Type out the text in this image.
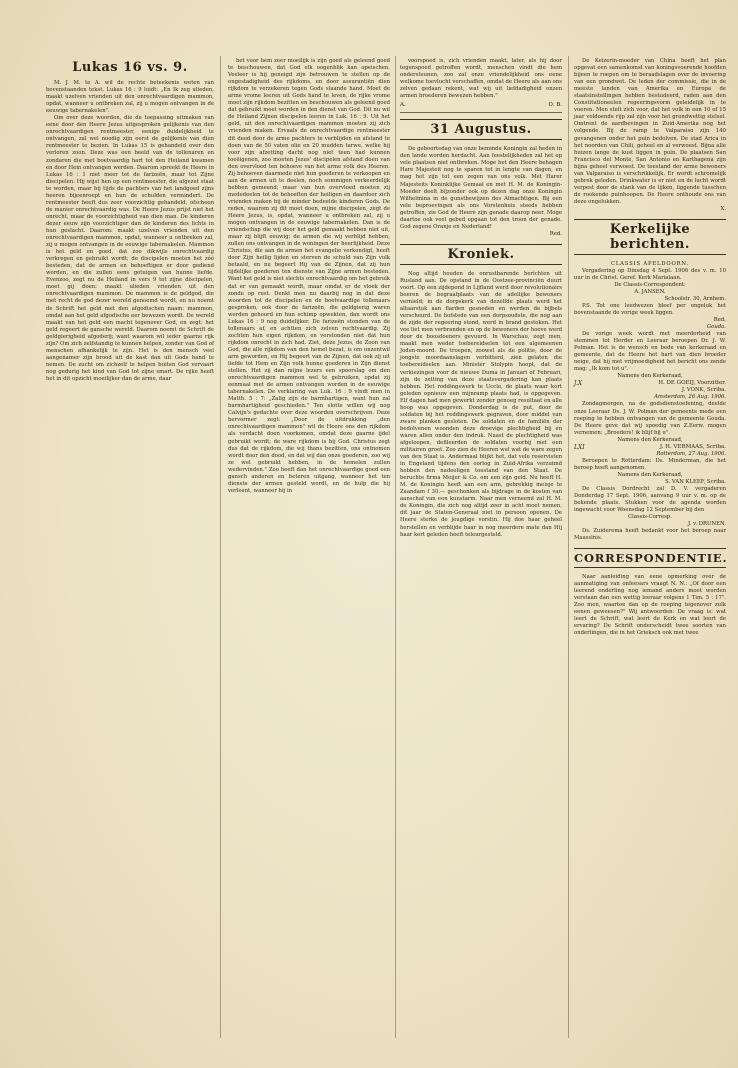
Lukas 16 vs. 9.

M. J. M. te A. wil de rechte beteekenis weten van bovenstaanden tekst. Lukas 16 : 9 luidt: „En Ik zeg ulieden, maakt uzelven vrienden uit den onrechtvaardigen mammon, opdat, wanneer u ontbreken zal, zij u mogen ontvangen in de eeuwige tabernakelen".

Om over deze woorden, die de toepassing uitmaken van eene door den Heere Jezus uitgesproken gelijkenis van den onrechtvaardigen rentmeester, eenige duidelijkheid te ontvangen, zal wel noodig zijn eerst de gelijkenis van dien rentmeester te bezien. In Lukas 15 is gehandeld over den verloren zoon. Deze was een beeld van de tollenaren en zondaren die met boetvaardig hart tot den Heiland kwamen en door Hem ontvangen werden. Daarom spreekt de Heere in Lukas 16 : 1 niet meer tot de farizeën, maar tot Zijne discipelen. Hij wijst hen op een rentmeester, die afgezet staat te worden, maar bij tijds de pachters van het landgoed zijns heeren bijeenroept en hun de schulden vermindert. De rentmeester heeft dus zeer voorzichtig gehandeld, ofschoon de manier onrechtvaardig was. De Heere Jezus prijst niet het onrecht, maar de voorzichtigheid van dien man. De kinderen dezer eeuw zijn voorzichtiger dan de kinderen des lichts in hun geslacht. Daarom: maakt uzelven vrienden uit den onrechtvaardigen mammon, opdat, wanneer u ontbreken zal, zij u mogen ontvangen in de eeuwige tabernakelen. Mammon is het geld en goed, dat zoo dikwijls onrechtvaardig verkregen en gebruikt wordt; de discipelen moeten het zóó besteden, dat de armen en behoeftigen er door gediend worden, en die zullen eens getuigen van hunne liefde. Evenzoo, zegt nu de Heiland in vers 9 tot zijne discipelen, moet gij doen: maakt ulieden vrienden uit den onrechtvaardigen mammon. De mammon is de geldgod, die met recht de god dezer wereld genoemd wordt, en nu noemt de Schrift het geld met den afgodischen naam: mammon, omdat aan het geld afgodische eer bewezen wordt. De wereld maakt van het geld een macht tegenover God, en zegt: het geld regeert de gansche wereld. Daarom noemt de Schrift de geldgierigheid afgoderij; want waarom wil ieder gaarne rijk zijn? Om zich zelfstandig te kunnen helpen, zonder van God of menschen afhankelijk te zijn. Het is den mensch veel aangenamer zijn brood uit de kast dan uit Gods hand te nemen. De zucht om zichzelf te helpen buiten God vervaart nog gedurig het kind van God tot zijne smart. De rijke heeft het in dit opzicht moeilijker dan de arme, daar

het voor hem zeer moeilijk is zijn goed als geleend goed te beschouwen, dat God elk oogenblik kan opeischen. Veeleer is hij geneigd zijn betrouwen te stellen op de ongestadigheid des rijkdoms, en door assurantiën dien rijkdom te verzekeren tegen Gods slaande hand. Moet de arme vrome leeren uit Gods hand te leven, de rijke vrome moet zijn rijkdom bezitten en beschouwen als geleend goed dat gebruikt moet worden in den dienst van God. Dit nu wil de Heiland Zijnen discipelen leeren in Luk. 16 : 9. Uit het geld, uit den onrechtvaardigen mammon moeten zij zich vrienden maken. Ervaals de onrechtvaardige rentmeester dit deed door de arme pachters te verblijden en afstand te doen van de 50 vaten olie en 20 mudden tarwe, welke hij voor zijn afzetting dacht nog niet teen had kunnen toeëigenen, zoo moeten Jezus' discipelen afstand doen van den overvloed ten behoeve van het arme volk des Heeren. Zij behoeven daarmede niet hun goederen te verkoopen en aan de armen uit te deelen, noch sommigen verkeerdelijk hebben gemeend; maar van hun overvloed moeten zij mededeelen tot de behoeften der heiligen en daardoor zich vrienden maken bij de minder bedeelde kinderen Gods. De reden, waarom zij dit moet doen, mijne discipelen, zegt de Heere Jezus, is, opdat, wanneer u ontbreken zal, zij u mogen ontvangen in de eeuwige tabernakelen. Dan is de vriendschap die wij door het geld gemaakt hebben niet uit, maar zij blijft eeuwig; de armen die wij verblijd hebben, zullen ons ontvangen in de woningen der heerlijkheid. Deze Christus, die aan de armen het evangelie verkondigt, heeft door Zijn heilig lijden en sterven de schuld van Zijn volk betaald, en nu begeert Hij van de Zijnen, dat zij hun tijdelijke goederen ten dienste van Zijne armen besteden. Want het geld is niet slechts onrechtvaardig om het gebruik dat er van gemaakt wordt, maar omdat er de vloek der zonde op rust. Denkt men nu daarbij nog in dat deze woorden tot de discipelen en de boetvaardige tollenaars gesproken, ook door de farizeën, die geldgierig waren werden gehoord en hun schimp opwekten, dan wordt ons Lukas 16 : 9 nog duidelijker. De farizeën stonden van de tollenaars af, en achtten zich zelven rechtvaardig. Zij zochten hun eigen rijkdom, en verstonden niet dat hun rijkdom onrecht in zich had. Ziet, deze Jezus, de Zoon van God, die alle rijkdom van den hemel bezat, is om onzentwil arm geworden, en Hij begeert van de Zijnen, dat ook zij uit liefde tot Hem en Zijn volk hunne goederen in Zijn dienst stellen. Het zij dan mijne lezers een spoorslag om den onrechtvaardigen mammon wel te gebruiken, opdat zij eenmaal met de armen ontvangen worden in de eeuwige tabernakelen. De verklaring van Luk. 16 : 9 vindt men in Matth. 5 : 7: „Zalig zijn de barmhartigen, want hun zal barmhartigheid geschieden." Ten slotte willen wij nog Calvijn's gedachte over deze woorden overschrijven. Deze hervormer zegt: „Door de uitdrukking „den onrechtvaardigen mammon" wil de Heere ons den rijkdom als verdacht doen voorkomen, omdat deze gaarne ijdel gebruikt wordt; de ware rijkdom is bij God. Christus zegt dus dat de rijkdom, die wij thans bezitten, ons ontnomen wordt door den dood, en dat wij dan onze goederen, zoo wij ze wel gebruikt hebben, in de hemelen zullen wedervinden." Zoo heeft dan het onrechtvaardige goed een gansch anderen en beteren uitgang, wanneer het ten dienste der armen gesteld wordt, en de hulp die hij verleent, wanneer hij in

voorspoed is, zich vrienden maakt, later, als hij door tegenspoed getroffen wordt, menschen vindt die hem ondersteunen, zoo zal onze vriendelijkheid ons eene welkome toevlucht verschaffen, omdat de Heere als aan ons zelven gedaan rekent, wat wij uit liefdadigheid onzen armen broederen bewezen hebben."

A.	D. B.
31 Augustus.

De geboortedag van onze beminde Koningin zal heden in den lande worden herdacht. Aan feestelijkheden zal het op vele plaatsen niet ontbreken. Moge het den Heere behagen Hare Majesteit nog te sparen tot in lengte van dagen, en mag het zijn tot een zegen van ons volk. Met Harer Majesteits Koninklijke Gemaal en met H. M. de Koningin-Moeder deelt bijzonder ook op dezen dag onze Koningin Wilhelmina in de gunstbewijzen des Almachtigen. Bij een vele beproevingen als ons Vorstenhuis steeds hebben getroffen, zie God de Heere zijn genade daarop neer. Moge daartoe ook veel gebed opgaan tot den troon der genade. God zegene Oranje en Nederland!

Red.
Kroniek.

Nog altijd houden de onrustbarende berichten uit Rusland aan. De opstand in de Oostzee-provinciën duurt voort. Op een zijdepond in Lijfland werd door revolutionairs boeren de begraafplaats van de adellijke bewoners vernield; in de dorpskerk van dezelfde plaats werd het altaarstuk aan flarden gesneden en werden de bijbels verscheurd. De hofstede van een dorpsoudste, die nog aan de zijde der regeering stond, werd in brand gestoken. Het vee liet men verbranden en op de bewoners der hoeve werd door de boosdoeners gevuurd. In Warschau, zegt men, maakt men weder toebereidselen tot een algemeenen Joden-moord. De troepen, zoowel als de politie, door de jongste moordaanslagen verbitterd, zien gelaten die toebereidselen aan. Minister Stolypin hoopt, dat de verkiezingen voor de nieuwe Duma in Januari of Februari, zijn de zetting van deze staatsvergadering kan plaats hebben. Het roddingswerk te Uccle, de plaats waar kort geleden opnieuw een mijnramp plaats had, is opgegeven. Elf dagen had men gewerkt zonder genoeg resultaat en alle hoop was opgegeven. Donderdag is de put, door de soldaten bij het reddingswerk gegraven, door middel van zware planken gesloten. De soldaten en de familiën der bedolvenen woonden deze droevige plechtigheid bij en waren allen onder den indruk. Naast de plechtigheid was afgeloopen, defileerden de soldaten voorbij met een militairen groet. Zoo zien de Heeren wel wat de ware zegen van den Staat is. Andermaal blijkt het, dat vele reservisten in Engeland tijdens den oorlog in Zuid-Afrika verzuimd hebben den nadeeligen toestand van den Staat. De beruchte firma Meijer & Co. om een zijn geld. Nu heeft H. M. de Koningin heeft aan een arm, gebrekkig meisje te Zaandam f 30.— geschonken als bijdrage in de kosten van aanschaf van een kunstarm. Naar men verneemt zal H. M. de Koningin, die zich nog altijd zeer in acht moet nemen, dit jaar de Staten-Generaal niet in persoon openen. De Heere sterke de jeugdige vorstin. Hij doe haar geheel herstellen en verblijde haar in nog meerdere mate dan Hij haar kort geleden heeft teleurgesteld.

De Keizerin-moeder van China heeft het plan opgevat een samenkomst van koningsvoerende hoofden bijeen te roepen om te beraadslagen over de invoering van een grondwet. De leden der commissie, die in de meeste landen van Amerika en Europa de staatsinstellingen hebben bestudeerd, raden aan den Constitutioneelen regeeringsvorm geleidelijk in te voeren. Men stelt zich voor, dat het volk in een 10 of 15 jaar voldoende rijp zal zijn voor het grondwettig stelsel. Omtrent de aardbevingen in Zuid-Amerika nog het volgende. Bij de ramp te Valparaiso zijn 140 gevangenen onder het puin bedolven. De stad Arica in het noorden van Chili, geheel en al verwoest. Bijna alle huizen lange de kust liggen in puin. De plaatsen San Francisco del Monte, San Antonio en Karthagena zijn bijna geheel verwoest. De toestand der arme bewoners van Valparaiso is verschrikkelijk. Er wordt schromelijk gebrek geleden. Drinkwater is er niet en de lucht wordt verpest door de stank van de lijken, liggende tusschen de rookende puinhoopen. De Heere onthoude ons van deze ongelukken.

X.
Kerkelijke berichten.
CLASSIS APELDOORN.

Vergadering op Dinsdag 4 Sept. 1906 des v. m. 10 uur in de Christ. Geref. Kerk Marialaan.

De Classis-Correspondent:
A. JANSEN.
Schoolstr. 30, Arnhem.

P.S. Tot one leedwezen bleef per ongeluk het bovenstaande de vorige week liggen.

Red.
Gouda.

De vorige week wordt met meerderheid van stemmen tot Herder en Leeraar beroepen Dr. J. W. Polman. Het is de wensch en bede van kerkeraad en gemeente, dat de Heere het hart van dien broeder neige, dat hij met vrijmoedigheid het bericht ons zende mag: „Ik kom tot u".

Namens den Kerkeraad,
J.X	H. DE GOEIJ, Voorzitter.
J. VONK, Scriba.
Amsterdam, 26 Aug. 1906.

Zondagmorgen, na de godsdienstoefening, deelde onze Leeraar Ds. J. W. Polman der gemeente mede een roeping te hebben ontvangen van de gemeente Gouda. De Heere geve dat wij spoedig van Z.Eerw. mogen vernemen: „Broeders! ik blijf bij u".

Namens den Kerkeraad,
LXI	J. H. VERMAAS, Scriba.
Rotterdam, 27 Aug. 1906.

Beroepen te Rotterdam: Ds. Minderman, die het beroep heeft aangenomen.

Namens den Kerkeraad,
S. VAN KLEEF, Scriba.

De Classis Dordrecht zal D. V. vergaderen Donderdag 17 Sept. 1906, aanvang 9 uur v. m. op de bekende plaats. Stukken voor de agenda worden ingewacht voor Woensdag 12 September bij den

Classis-Corresp.
J. v. DRUNEN.

Ds. Zuiderema heeft bedankt voor het beroep naar Maasslnis.

CORRESPONDENTIE.

Naar aanleiding van eene opmerking over de aanmatiging van onfeesars vraagt N. N.: „Of door een leerend onderling nog iemand anders moet worden verstaan dan een wettig leeraar volgens 1 Tim. 5 : 17". Zoo men, waartoe dan op de roeping tegenover zulk eenen geweesen?" Wij antwoorden: De vraag is: wat leert de Schrift, wat leert de Kerk en wat leert de ervaring? De Schrift onderscheidt twee soorten van onderlingen, die in het Grieksch ook met twee
